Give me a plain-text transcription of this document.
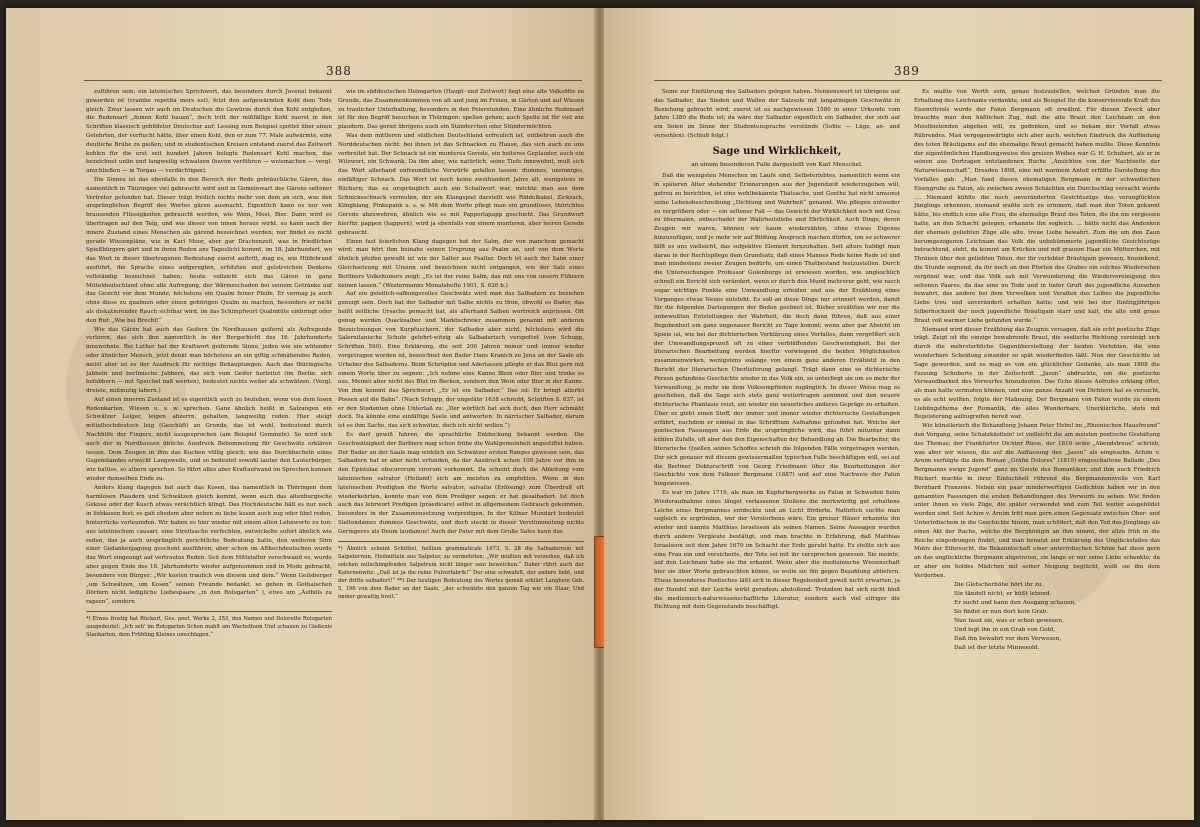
388

zuführen sein; ein lateinisches Sprichwort, das besonders durch Juvenal bekannt geworden ist (crambe repetita mors est), fetzt den aufgewärmten Kohl dem Tode gleich. Zwar lassen wir auch im Deutschen die Gewürze durch den Kohl entgleiten, die Redensart „feinen Kohl bauen“, doch tritt der mißfällige Kohl zuerst in den Schriften klassisch gebildeter Deutscher auf; Lessing zum Beispiel spottet über einen Gelehrten, der verflucht hätte, über einen Kohl, den er zum 77. Male aufwärmte, eine deutliche Brühe zu gießen; und in studentischen Kreisen entstand zuerst das Zeitwort kohlen für die erst seit hundert Jahren belegte Redensart Kohl machen, das bezeichnet unlin und langweilig schwatzen (bavon verführen — weismachen — vergl. anschließen — in Torgau — verdächtigen).

Die Sinnes ist das ebenfalls in den Bereich der Rede gebräuchliche Gären, das namentlich in Thüringen viel gebraucht wird und in Gemeinwart des Gärens seltener Vertreter gefunden hat. Dieser trägt freilich nichts mehr von dem an sich, was den ursprünglichen Begriff des Wortes gären ausmacht. Eigentlich kann es nur von brausenden Flüssigkeiten gebraucht werden, wie Wein, Most, Bier. Dann wird es übertragen auf den Teig, und wie dieser von innen heraus wirkt, so kann auch der innere Zustand eines Menschen als gärend bezeichnet werden; nur findet es nicht gerade Wiesenpläne, wie in Karl Moor, aber gar Drachenzeit, was in friedlichen Spießbürgern gärt und in ihren Reden ans Tageslicht kommt, im 18. Jahrhundert, wo das Wort in dieser übertragenen Bedeutung zuerst auftritt, mag es, wie Hildebrand ausführt, die Sprache eines aufgeregten, erhitzten und geistreichen Denkens vollständig bezeichnet haben; heute vollzieht sich das Gären in ganz Mitteldeutschland ohne alle Aufregung, der Wärmeschaden bei seinem Getränke auf das Gesicht vor dem Munde, höchstens ein Qualm feiner Pfeife. Er vermag ja auch ohne diese zu qualmen oder einen gehörigen Qualm zu machen, besonders er nicht als diskutierender Rauch sichtbar wird, im das Schimpfwort Qualmtüte einbringt oder den Ruf: „Wie bei Brecht!“

Wie das Gären hat auch das Geifern (in Nordhausen geifern) als Aufregende verloren, das sich ihm namentlich in der Bergschicht des 16. Jahrhunderts innewohnte. Bei Luther hat der Kraftwort geifernde Sinne, jeden wie ein wütender oder ähnlicher Mensch, jetzt denkt man höchstens an ein giftig schmähendes Reden, meist aber ist es der Ausdruck für nichtige Behauptungen. Auch das thüringische Jabbeln und berlinische Jabbern, das sich vom Geifer herleitet (im Berlin: sich befabbern — mit Speichel naß werden), bedeutet nichts weiter als schwätzen. (Vergl. dreiste, mißmutig labern.)

Auf einen inneren Zustand ist es eigentlich auch zu beziehen, wenn von dem losen Redenkarten, Wiesen u. s. w. sprechen. Ganz ähnlich heißt in Salzungen ein Schwätzer Leiger, leigen abzerrn, gehalten, langweilig reden. Hier steigt mittelhochdeutsch leig (Geschäft) an Grunde, das ist wohl, bedeutend durch Nachhilfe der Fingers, nicht ausgesprochen (am Beispiel Gemmeln). So wird sich auch der in Nordhausen übliche Ausdruck Bebommelung für Geschwätz erklären lassen. Dem Zeugen in ihm das Kuchen völlig gleich; wie das Durchhecheln eines Gegenstandes erweckt Langeweile, und so bedeutet sowohl lauter den Lauterbürger, wie haltlos, so albern sprechen. So führt alles aber Kraftaufwand im Sprechen kunnen wieder demselben Ende zu.

Anders klang dagegen hat auch das Kosen, das namentlich in Thüringen dem harmlosen Plaudern und Schwätzen gleich kommt, wenn auch das altenburgische Gekose oder der Kusch etwas verächtlich klingt. Das Hochdeutsche hält es nur noch in liebkosen fest; es gab ehedem aber neben zu liebe kosen auch zug oder übel reden, hinterrücks verleumden. Wir haben es hier wieder mit einem alten Lehnworte zu tun: aus lateinischem causari, eine Streitsache verfechten, entwickelte sofort ähnlich wie reden, das ja auch ursprünglich gerichtliche Bedeutung hatte, den weiteren Sinn einer Gedankenjagung geschont ausführen; aber schon im Althochdeutschen wurde das Wort eingeengt auf vertrautes Reden. Seit dem Mittelalter verschwand es, wurde aber gegen Ende des 18. Jahrhunderts wieder aufgenommen und in Mode gebracht, besonders von Bürger: „Wir kosten traulich von diesem und dem.“ Wenn Geilsberger „um Schwätzen, um Kosen“ seinen Freunde bedankt, so gehen in Gothaischen Dörfern nicht ledigliche Liebespaare „in den Rotsgarten“ ), etwo um „Ästhöls zu rapsen“, sondern

*) Etwas frostig hat Rückert, Ges. poet. Werke 2, 253, den Namen und Dolorette Rotsgarten ausgedeutet: „Ich seh' im Rotsgarten Schon mahlt am Wachsthum Und schauen zu Gießenis Stankarten, dem Frühling Kleines umschlagen.“

wie im süddeutschen Heimgarten (Haupt- und Zeitwort) liegt eine alte Volksfitte zu Grunde, das Zusammenkommen von alt und jung im Freien, in Gärten und auf Wiesen zu traulicher Unterhaltung, besonders in den Feierstunden. Eine ähnliche Redensart ist für den Begriff besuchen in Thüringen: spellen gehen; auch Spelle ist für viel wie plaudern. Das geriet übrigens auch ein Ständerchen oder Stündermöchten.

Was dem mittleren und südlichen Deutschland erfreulich ist, entbehren auch die Norddeutschen nicht: bei ihnen ist das Schnacken zu Hause, das sich auch zu uns verbreitet hat. Der Schnack ist ein munteres Gerede, ein heiteres Geplauder, auch ein Witzwort, ein Schwank. Da ihm aber, wie natürlich, seine Tiefe innewohnt, muß sich das Wort allerhand unfreundliche Vorwürfe gefallen lassen: dummes, unsinniges, einfältiger Schnack. Das Wort ist noch keine zweihundert Jahre alt, wenigstens in Büchern; das es ursprünglich auch ein Schallwort war, möchte man aus dem Schnicksschnack vermuten, der ein Klangspiel darstellt wie Riddelkakel, Zickzack, Klingklang, Pinkepank u. s. w. Mit dem Worte pflegt man ein grundloses, thörichtes Gerede abzuwehren, ähnlich wie es mit Papperlapapp geschieht. Das Grundwort hierfür, pappen (happern), wird ja ebenfalls von einem munteren, aber leeren Gerede gebraucht.

Einen fast feierlichen Klang dagegen hat der Salm, der von manchem gemacht wird; man hört ihm beinahe seinen Ursprung aus Psalm an, und von dem Worte ähnlich pfeifen gewußt ist wie der Salter aus Psalter. Doch ist auch der Salm einer Gleichsetzung mit Unsinn und bezeichnen nicht entgangen, wie der Salz eines Berliners Volkshumors zeigt: „Es ist der reine Salm, das mit uns von unsern Führern keinen lassen.“ (Westermanns Monatshefte 1901, S. 626 b.)

Auf ein geistlich-salbungsvolles Geschwätz wird man das Salbadern zu beziehen geneigt sein. Doch hat der Salbader mit Salbe nichts zu thun, obwohl es Bader, das heißt zeitliche Ursache gemacht hat, als allerhand Salben wortreich anpriesen. Oft genug werden Quacksalber und Marktschreier zusammen genannt mit anderen Bezeichnungen von Kurpfuschern, der Salbader aber nicht, höchstens wird die Salernitanische Schule gelehrt-witzig als Salbaderisch verspottet (von Schupp, Schriften 590). Eine Erklärung, die seit 200 Jahren immer und immer wieder vorgetragen worden ist, bezeichnet den Bader Hans Kranich zu Jena an der Saale als Urheber des Salbaderns. Beim Schröpfen und Aderlassen pflegte er das Blut gern mit einem Worte über zu segnen: „Ich nehme eine Kanne Blein oder Bier und trinke es aus. Meinet aber nicht das Blut im Becken, sondern den Wein oder Bier in der Kanne. Von ihm kommt das Sprichwort: „Er ist ein Salbader.“ Das ist: Er bringt allerlei Possen auf die Bahn“. (Nach Schupp, der ungefähr 1638 schreibt, Schriften S. 637, ist er den Studenten ohne Unterlaß zu: „Der wörtlich hat sich doch, den Herr schmäht doch. Da könnte eine einfältige Seele und antworten: In närrischer Salbader, darum ist es ihm Sache, das sich schwätze, doch ich nicht wollen.“)

Es darf gewiß fahren, die sprachliche Entdeckung bekannt werden. Die Geschwätzigkeit der Barbiere mag schon frühe die Wahlgemeinheit angestiftet haben. Der Bader an der Saale mag wirklich ein Schwätzer ersten Ranges gewesen sein, das Salbadern hat er aber nicht erfunden, da der Ausdruck schon 100 Jahre vor ihm in den Epistolae obscurorum virorum vorkommt. Da scheint doch die Ableitung vom lateinischen salvator (Heiland) sich am meisten zu empfehlen. Wenn in den lateinischen Predigten die Worte salvator, salvatio (Erlösung) zum Überdruß oft wiederkehrten, konnte man von dem Prediger sagen: er hat gesalbadert. Ist doch auch das lehrwort Predigen (praedicare) selbst in allgemeinem Gebrauch gekommen, besonders in der Zusammensetzung vorpredigen. In der Kölner Mundart bedeutet Sieltendames dummes Geschwätz, und doch steckt in dieser Verstümmelung nichts Geringeres als Deum laudamus! Auch der Pater mit dem Gruße Salve kann das

*) Ähnlich scheint Schüttel, hellium grammaticale 1673, S. 28 die Salbaderrein mit Salpeterrein, Heilmitteln aus Salpeter, zu vermehrlen: „Wir müßten mit verzeihen, daß ich solchen mitschimpfenden Salpetrein nicht länger sein beweichen.“ Daher rührt auch der Kafernenwitz: „Daß ist ja die reine Pulverfabrik!“ Der eine schwafelt, der andere liebt, und der dritte salbadert!“ **) Der heutigen Bedeutung des Wortes gemäß erklärt Langbein Geb. 5, 196 von dem Bader an der Saale, „der schwätzte den ganzen Tag wie ein Staar, Und immer gewaltig breit.“
389

Seine zur Einführung des Salbaders gelegen haben. Nennenswert ist übrigens auf das Salbader, das Sieden und Wallen der Salzsole mit langatmigem Geschwätz in Beziehung gebracht wird; zuerst ist es nachgewiesen 1580 in einer Urkunde vom Jahre 1380 die Rede ist; da wäre der Salbader eigentlich ein Salbader, der sich auf ein Solen im Sinne der Studentensprache verstünde (Sohle — Lüge, an- und versohlen). (Schluß folgt.)

Sage und Wirklichkeit,
an einem besonderen Falle dargestellt von Karl Menschel.

Daß die wenigsten Menschen im Laufe sind, Selbsterlebtes, namentlich wenn ein in späteren Alter stehender Erinnerungen aus der Jugendzeit wiederzugeben will, getreu zu berichten, ist eine wohlbekannte Thatsache, und Goethe hat nicht umsonst seine Lebensbeschreibung „Dichtung und Wahrheit“ genannt. Wie pflegen entweder zu vergrößern oder — ein seltener Fall — das Gewicht der Wirklichkeit noch mit Grau zu übermalen, unbeschadet der Wahrheitsliebe und Ehrlichkeit. Auch Dinge, deren Zeugen wir waren, können wir kaum wiederzählen, ohne etwas Eigenes hinzuzufügen, und je mehr wir auf Bildung Anspruch machen dürfen, um so schwerer fällt es uns vielleicht, das subjektive Element fernzuhalten. Seit alters huldigt man daran in der Rechtspflege dem Grundsatz, daß eines Mannes Rede keine Rede ist und man mindestens zweier Zeugen bedürfe, um einen Thatbestand festzustellen. Durch die Untersuchungen Professor Gulenburgs ist erwiesen worden, wie ungleichlich schnell ein Bericht sich verändert, wenn er durch den Mund mehrerer geht, wie rasch sogar wichtige Punkte eine Umwandlung erleiden und aus der Erzählung eines Vorganges etwas Neues entsteht. Es soll an diese Dinge nur erinnert werden, damit für die folgenden Darlegungen der Boden geebnet ist. Bisher erzählten wir nur die unbewußten Entstellungen der Wahrheit, die doch dann führen, daß aus einer Begebenheit ein ganz ungenauer Bericht zu Tage kommt; wenn aber gar Absicht im Spiele ist, wie bei der dichterischen Verklärung eines Vorfalles, dann vergrößert sich der Umwandlungsprozeß oft zu einer verblüffenden Geschwindigkeit. Bei der literarischen Bearbeitung werden hierfür vorwiegend die beiden Möglichkeiten zusammenwirken, wenigstens solange von einem ganz anderen Erzählstil in den Bericht der literarischen Überlieferung gelangt. Trägt dann eine so dichterische Person gefundene Geschichte wieder in das Volk ein, so unterliegt sie um so mehr der Verwandlung, je mehr sie dem Volksempfinden zugänglich. In dieser Weise mag es geschehen, daß die Sage sich stets ganz weitertragen annimmt und den neuere dichterische Phantasie reizt, um wieder ein neuerliches anderes Gepräge zu erhalten. Über es giebt einen Stoff, der immer und immer wieder dichterische Gestaltungen erfährt, nachdem er einmal in das Schrifttum Aufnahme gefunden hat. Welche der poetischen Fassungen aus Erde die ursprüngliche wird, das führt mitunter dann kühlen Zufalls, oft aber den den Eigenschaften der Behandlung ab. Die Bearbeiter, die literarische Quellen seines Schoffes schrieb die folgenden Fälle vorgetragen werden. Der sich genauer mit diesem gewissermaßen typischen Falle beschäftigen will, sei auf die Berliner Doktorschrift von Georg Friedmann über die Bearbeitungen der Geschichte von dem Falkner Bergmann (1887) und auf eine Nachweis der Falun hingewiesen.

Es war im Jahre 1719, als man im Kupferbergwerke zu Falun in Schweden beim Wiederaufnahme eines längst verlassenen Stollens die merkwürdig gut erhaltene Leiche eines Bergmannes entdeckte und an Licht förderte. Natürlich suchte man sogleich zu ergründen, wer der Verstorbene wäre. Ein greiser Häuer erkannte ihn wieder und nannte Matthias Israelsson als seinen Namen. Seine Aussagen wurden durch andere Vergleute bestätigt, und man brachte in Erfahrung, daß Matthias Israelsson seit dem Jahre 1670 im Schacht der Erde geruht hatte. Es stellte sich aus eine Frau ein und versicherte, der Tote sei mit ihr versprochen gewesen. Sie meinte, auf den Leichnam habe sie ihn erkannt. Wenn aber die medizinische Wissenschaft hier sie über Worte gebrauchten könne, so wolle sie ihn gegen Bezahlung abliefern. Etwas besonderes Poetisches läßt sich in dieser Begebenheit gewiß nicht erwarten, ja der Handel mit der Leiche wirkt geradezu abstoßend. Trotzdem hat sich nicht bloß die medizinisch-naturwissenschaftliche Literatur, sondern auch viel eifriger die Dichtung mit dem Gegenstande beschäftigt.

Es mußte von Werth sein, genau festzustellen, welchen Gründen man die Erhaltung des Leichnams verdankte, und als Beispiel für die konservierende Kraft des Eisenvitriols wurde der Falun Bergmann oft erwähnt. Für diesen Zweck aber brauchte man den häßlichen Zug, daß die alte Braut den Leichnam an den Meistbietenden abgeben will, zu gedenken, und so bekam der Vorfall etwas Rührendes. Man vergegenwärtigte sich aber auch, welchen Eindruck die Auffindung des toten Bräutigams auf die ehemalige Braut gemacht haben mußte. Diese Kenntnis der eigentümlichen Handlungsweise des greisen Weibes war G. H. Schubert, als er in seinen aus Dortragen entstandenen Buche „Ansichten von der Nachtseite der Naturwissenschaft“, Dresden 1808, eine mit warmem Anteil erfüllte Darstellung des Vorfalles gab: „Man fand diesen ehemaligen Bergmann in der schwedischen Eisengrube zu Falun, als zwischen zween Schächten ein Durchschlag versucht wurde .... Niemand kühlte die noch unveränderten Gesichtszüge des verunglückten Jünglings erkennen, niemand wußte sich zu erinnern, daß man den Toten gekannt hätte, bis endlich eine alte Frau, die ehemalige Braut des Toten, die ihn nie vergessen hatte, an den Schacht gelegen, erkannte ihn sogleich. ... hätte nicht das Andenken der ehemals geliebten Züge alle alte, treue Liebe bewahrt. Zum die um den Zaun herumgezogenen Leichnam das Volk die unbekümmerte jugendliche Gesichtszüge betrachtend, steht, da kommt am Krücken und mit grauem Haar ein Mütterchen, mit Thränen über den geliebten Toten, der ihr verlobter Bräutigam gewesen, hinsinkend, die Stunde segnend, da ihr noch an den Pforten des Grabes ein solches Wiedersehen vergönnt war, und das Volk sah mit Verwunderung die Wiedervereinigung des seltenen Paares, da das eine im Tode und in tiefer Gruft das jugendliche Aussehen bewahrt, das andere bei dem Verwelken und Veralten des Leibes die jugendliche Liebe treu und unverändert erhalten hatte; und wie bei der fünfzigjährigen Silberhochzeit der noch jugendliche Bräutigam starr und kalt, die alte und graue Braut voll warmer Liebe gefunden wurde.“

Niemand wird dieser Erzählung das Zeugnis versagen, daß sie echt poetische Züge trägt. Zeigt ist die einzige bewahrende Braut, die seelische Richtung vereinigt sich durch die mehrsterbliche Gegenüberstellung der beiden Verlobten, die eine wunderbare Scheidung einander so spät wiederfinden läßt. Nun der Geschichte ist Sage geworden, und es mag es von ein glücklicher Gedanke, als man 1808 die Fassung Schuberts in der Zeitschrift „Jason“ abdruckte, um die poetische Verwandbarkeit des Vorwurfes hinzudeuten. Das Echo dieses Aufrufes erklang öfter, als man hatte vermuten können, und eine ganze Anzahl von Dichtern hat es versucht, es als echt wollten, folgte der Mahnung. Der Bergmann von Falun wurde zu einem Lieblingsthema der Romantik, die alles Wunderbare, Unerklärliche, stets mit Begeisterung aufzugreifen bereit war.

Wie künstlerisch die Behandlung Johann Peter Hebel im „Rheinischen Hausfreund“ den Vorgang, seine Schatzkästlein! ist vielleicht die am meisten poetische Gestaltung des Themas; der Frankfurter Dichter Riese, der 1810 seine „Abendstreue“ schrieb, was aber wir wissen, die auf die Auffassung des „Jason“ als eingesehn. Achim v. Arnim verfolgte die dem Roman „Gräfin Dolores“ (1810) eingeschaltene Ballade „Des Bergmanns ewige Jugend“ ganz im Geiste des Romantiker, und ihm auch Friedrich Rückert machte in ihrer Einfachheit rührend die Bergmannsnovelle von Karl Bernhard Franzens. Neben ein paar minderwertigen Gedichten haben wir in den genannten Fassungen die ersten Behandlungen des Vorwurfs zu sehen. Wie finden unter ihnen so viele Züge, die später verwendet und zum Teil weiter ausgebildet worden sind. Seit Achim v. Arnim tritt man gern einen Gegensatz zwischen Ober- und Unterirdischem in die Geschichte hinein, man schildert, daß den Tod des Jünglings als einen Akt der Rache, welche die Bergkönigin an ihm nimmt, der allzu früh in die Reiche eingedrungen findet, und man benutzt zur Erklärung des Unglücksfalles das Motiv der Eifersucht, die Bekanntschaft einer unterirdischen Schöne hat diese gern an das unglückliche Bergmann abgetreten, sie lange er nur seine Liebe schenkte; da er aber ein holdes Mädchen mit seiner Neigung beglückt, weiß sie ihn dem Verderben.

Die Gletscherhöhe hört ihr zu.
Sie tändelt nicht, er küßt lebend.
Er sucht und kann den Ausgang schauen,
So findet er nun dort kein Grab.
Nun fasst sie, was er schon gewesen,
Und legt ihn in ein Grab von Gold,
Daß ihn bewahrt vor dem Verwesen,
Daß ist der letzte Minnesold.
